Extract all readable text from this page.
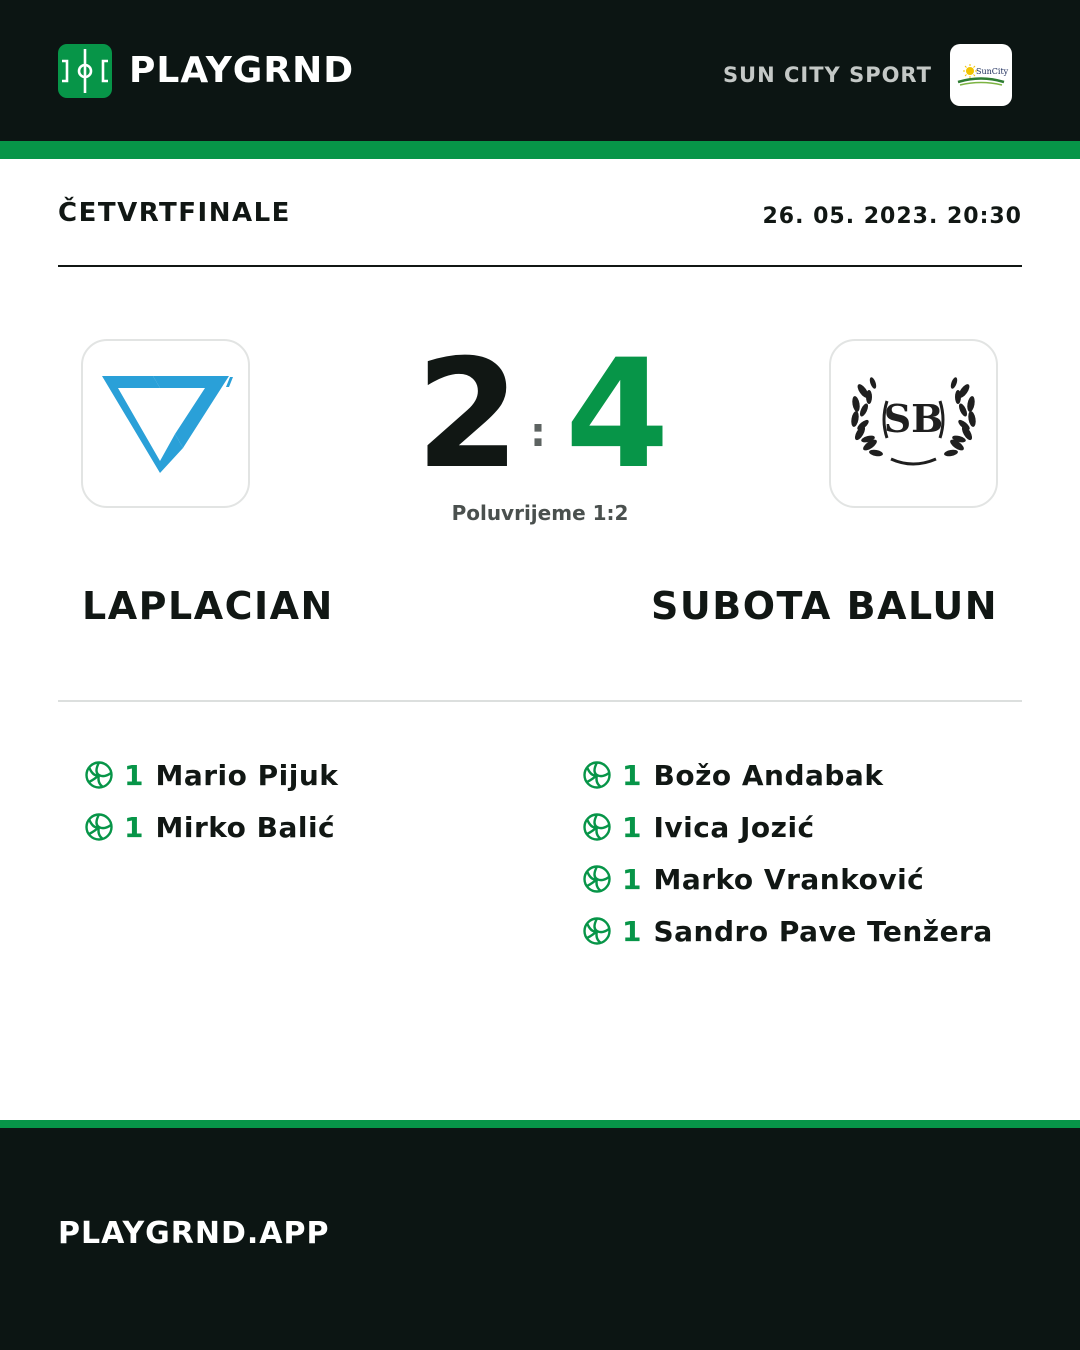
PLAYGRND	SUN CITY SPORT	SunCity
ČETVRTFINALE	26. 05. 2023. 20:30
SB
2 : 4
Poluvrijeme 1:2
LAPLACIAN	SUBOTA BALUN
1 Mario Pijuk
1 Mirko Balić
1 Božo Andabak
1 Ivica Jozić
1 Marko Vranković
1 Sandro Pave Tenžera
PLAYGRND.APP
